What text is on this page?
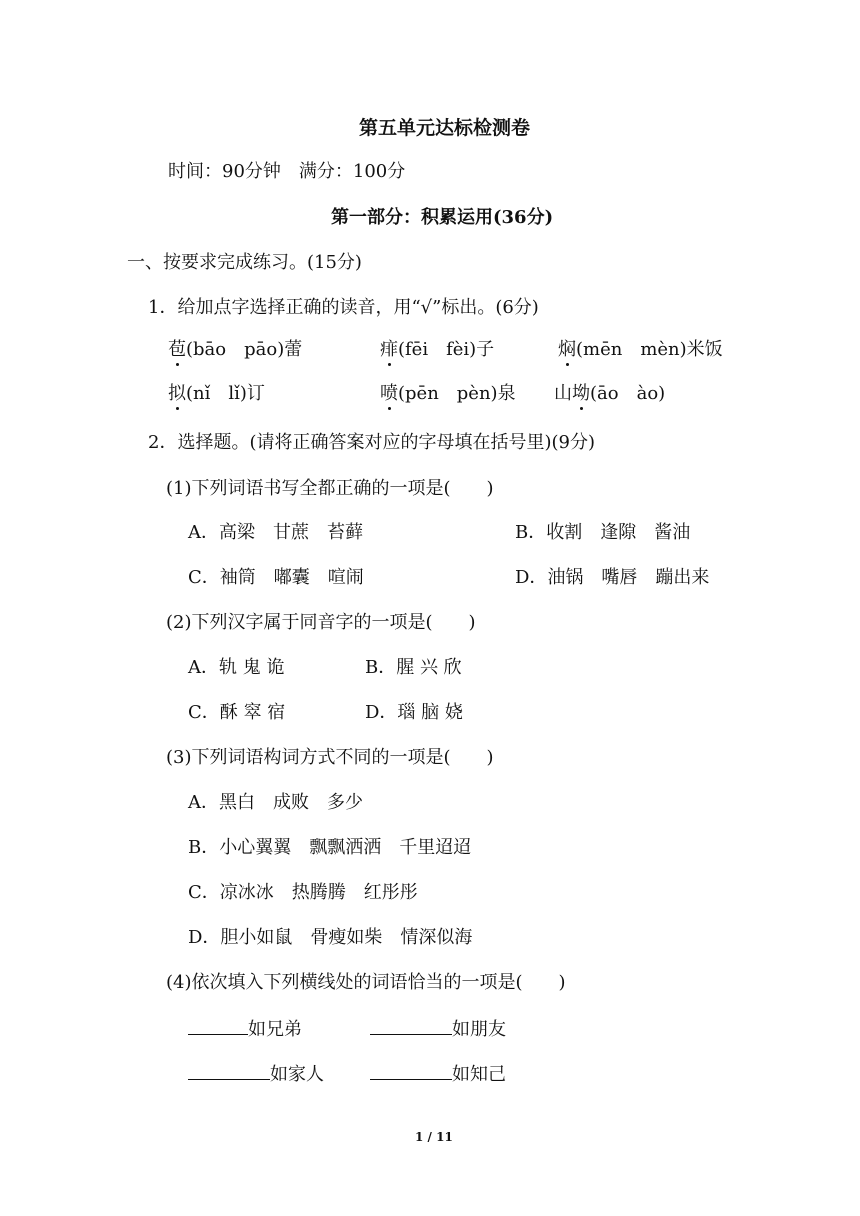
第五单元达标检测卷
时间：90分钟　满分：100分
第一部分：积累运用(36分)
一、按要求完成练习。(15分)
1．给加点字选择正确的读音，用“√”标出。(6分)
苞(bāo　pāo)蕾	痱(fēi　fèi)子	焖(mēn　mèn)米饭
拟(nǐ　lǐ)订	喷(pēn　pèn)泉 山坳(āo　ào)
2．选择题。(请将正确答案对应的字母填在括号里)(9分)
(1)下列词语书写全都正确的一项是(　　)
A．高梁　甘蔗　苔藓	B．收割　逢隙　酱油
C．袖筒　嘟囊　喧闹	D．油锅　嘴唇　蹦出来
(2)下列汉字属于同音字的一项是(　　)
A．轨 鬼 诡	B．腥 兴 欣
C．酥 窣 宿	D．瑙 脑 娆
(3)下列词语构词方式不同的一项是(　　)
A．黑白　成败　多少
B．小心翼翼　飘飘洒洒　千里迢迢
C．凉冰冰　热腾腾　红彤彤
D．胆小如鼠　骨瘦如柴　情深似海
(4)依次填入下列横线处的词语恰当的一项是(　　)
如兄弟	如朋友
如家人	如知己
1 / 11
